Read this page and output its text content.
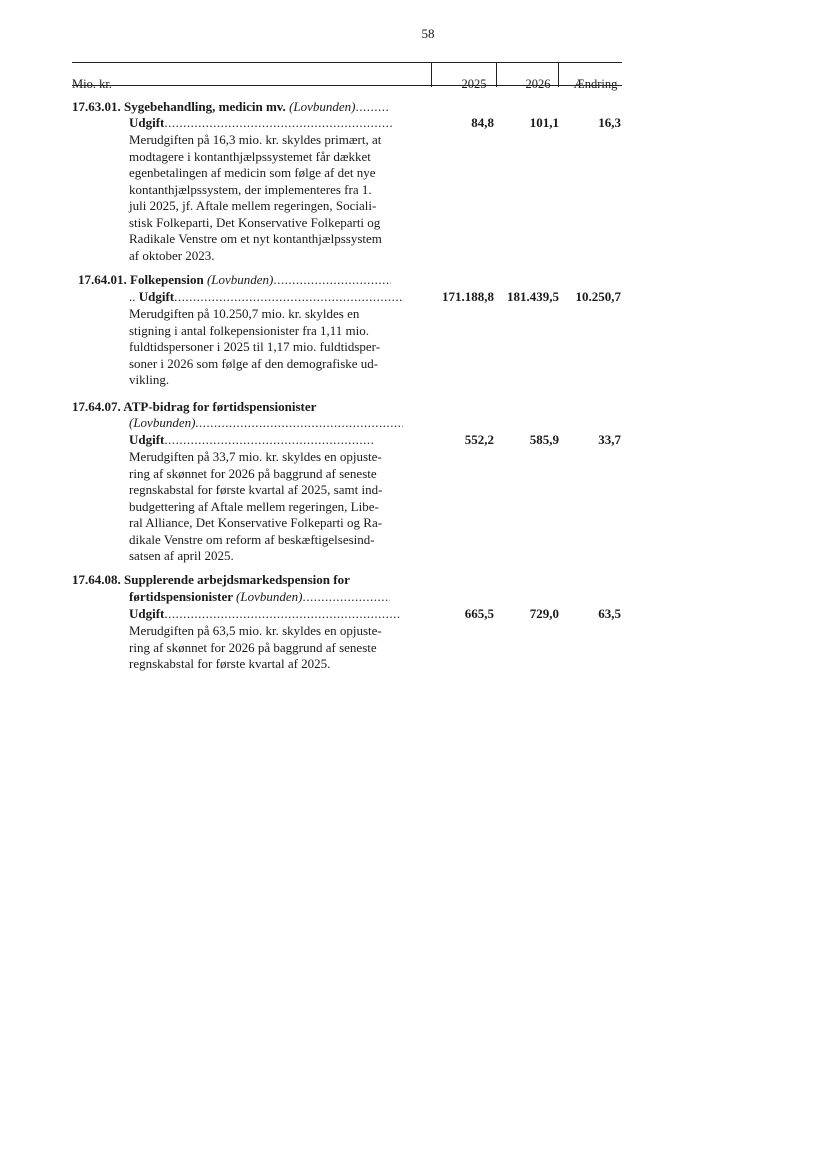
58
Mio. kr.	2025	2026	Ændring
17.63.01. Sygebehandling, medicin mv. (Lovbunden).....
Udgift .....	84,8	101,1	16,3
Merudgiften på 16,3 mio. kr. skyldes primært, at
modtagere i kontanthjælpssystemet får dækket
egenbetalingen af medicin som følge af det nye
kontanthjælpssystem, der implementeres fra 1.
juli 2025, jf. Aftale mellem regeringen, Sociali-
stisk Folkeparti, Det Konservative Folkeparti og
Radikale Venstre om et nyt kontanthjælpssystem
af oktober 2023.
17.64.01. Folkepension (Lovbunden).....
.. Udgift .....	171.188,8	181.439,5	10.250,7
Merudgiften på 10.250,7 mio. kr. skyldes en
stigning i antal folkepensionister fra 1,11 mio.
fuldtidspersoner i 2025 til 1,17 mio. fuldtidsper-
soner i 2026 som følge af den demografiske ud-
vikling.
17.64.07. ATP-bidrag for førtidspensionister
(Lovbunden).....
Udgift .....	552,2	585,9	33,7
Merudgiften på 33,7 mio. kr. skyldes en opjuste-
ring af skønnet for 2026 på baggrund af seneste
regnskabstal for første kvartal af 2025, samt ind-
budgettering af Aftale mellem regeringen, Libe-
ral Alliance, Det Konservative Folkeparti og Ra-
dikale Venstre om reform af beskæftigelsesind-
satsen af april 2025.
17.64.08. Supplerende arbejdsmarkedspension for
førtidspensionister (Lovbunden).....
Udgift .....	665,5	729,0	63,5
Merudgiften på 63,5 mio. kr. skyldes en opjuste-
ring af skønnet for 2026 på baggrund af seneste
regnskabstal for første kvartal af 2025.
